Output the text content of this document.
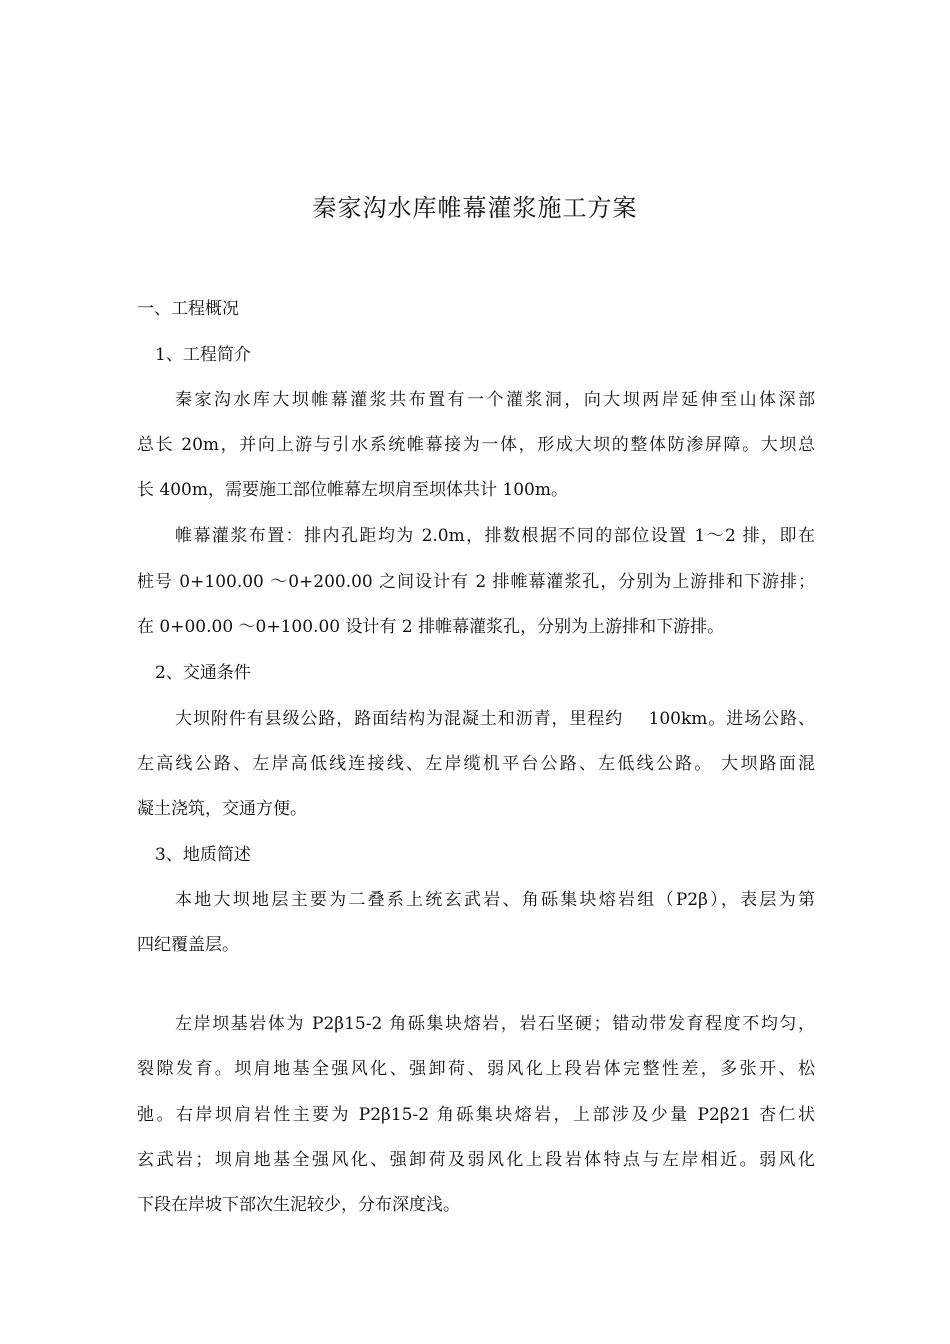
秦家沟水库帷幕灌浆施工方案

一、工程概况

1、工程简介

秦家沟水库大坝帷幕灌浆共布置有一个灌浆洞，向大坝两岸延伸至山体深部

总长 20m，并向上游与引水系统帷幕接为一体，形成大坝的整体防渗屏障。大坝总

长 400m，需要施工部位帷幕左坝肩至坝体共计 100m。

帷幕灌浆布置：排内孔距均为 2.0m，排数根据不同的部位设置 1～2 排，即在

桩号 0+100.00 ～0+200.00 之间设计有 2 排帷幕灌浆孔，分别为上游排和下游排；

在 0+00.00 ～0+100.00 设计有 2 排帷幕灌浆孔，分别为上游排和下游排。

2、交通条件

大坝附件有县级公路，路面结构为混凝土和沥青，里程约    100km。进场公路、

左高线公路、左岸高低线连接线、左岸缆机平台公路、左低线公路。 大坝路面混

凝土浇筑，交通方便。

3、地质简述

本地大坝地层主要为二叠系上统玄武岩、角砾集块熔岩组（P2β），表层为第

四纪覆盖层。

左岸坝基岩体为 P2β15-2 角砾集块熔岩，岩石坚硬；错动带发育程度不均匀，

裂隙发育。坝肩地基全强风化、强卸荷、弱风化上段岩体完整性差，多张开、松

弛。右岸坝肩岩性主要为 P2β15-2 角砾集块熔岩，上部涉及少量 P2β21 杏仁状

玄武岩；坝肩地基全强风化、强卸荷及弱风化上段岩体特点与左岸相近。弱风化

下段在岸坡下部次生泥较少，分布深度浅。
